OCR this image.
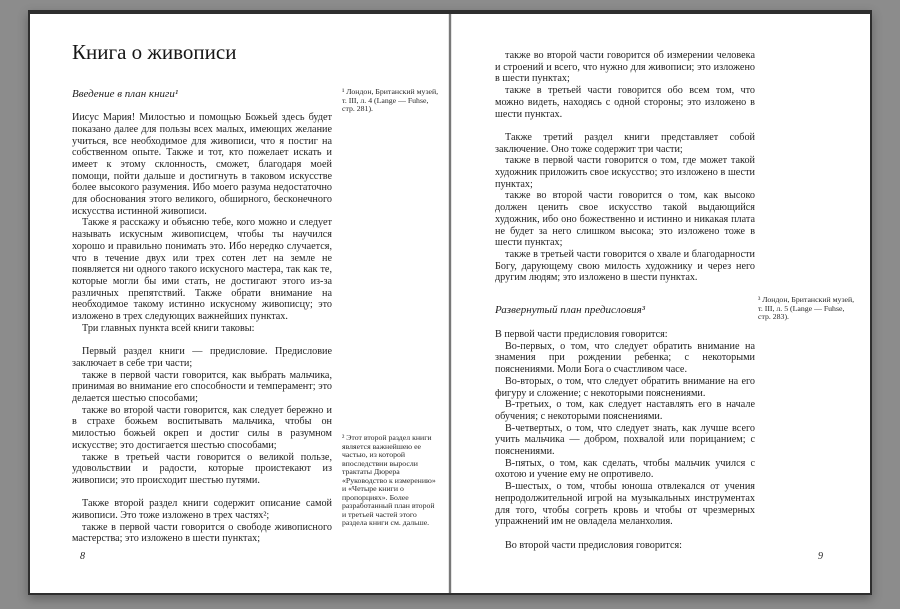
Книга о живописи
Введение в план книги¹

Иисус Мария! Милостью и помощью Божьей здесь будет показано далее для пользы всех малых, имеющих желание учиться, все необходимое для живописи, что я постиг на собственном опыте. Также и тот, кто пожелает искать и имеет к этому склонность, сможет, благодаря моей помощи, пойти дальше и достигнуть в таковом искусстве более высокого разумения. Ибо моего разума недостаточно для обоснования этого великого, обширного, бесконечного искусства истинной живописи.

Также я расскажу и объясню тебе, кого можно и следует называть искусным живописцем, чтобы ты научился хорошо и правильно понимать это. Ибо нередко случается, что в течение двух или трех сотен лет на земле не появляется ни одного такого искусного мастера, так как те, которые могли бы ими стать, не достигают этого из-за различных препятствий. Также обрати внимание на необходимое такому истинно искусному живописцу; это изложено в трех следующих важнейших пунктах.

Три главных пункта всей книги таковы:

Первый раздел книги — предисловие. Предисловие заключает в себе три части;

также в первой части говорится, как выбрать мальчика, принимая во внимание его способности и темперамент; это делается шестью способами;

также во второй части говорится, как следует бережно и в страхе божьем воспитывать мальчика, чтобы он милостью божьей окреп и достиг силы в разумном искусстве; это достигается шестью способами;

также в третьей части говорится о великой пользе, удовольствии и радости, которые проистекают из живописи; это происходит шестью путями.

Также второй раздел книги содержит описание самой живописи. Это тоже изложено в трех частях²;

также в первой части говорится о свободе живописного мастерства; это изложено в шести пунктах;

¹ Лондон, Британский музей, т. III, л. 4 (Lange — Fuhse, стр. 281).
² Этот второй раздел книги является важнейшею ее частью, из которой впоследствии выросли трактаты Дюрера «Руководство к измерению» и «Четыре книги о пропорциях». Более разработанный план второй и третьей частей этого раздела книги см. дальше.
8

также во второй части говорится об измерении человека и строений и всего, что нужно для живописи; это изложено в шести пунктах;

также в третьей части говорится обо всем том, что можно видеть, находясь с одной стороны; это изложено в шести пунктах.

Также третий раздел книги представляет собой заключение. Оно тоже содержит три части;

также в первой части говорится о том, где может такой художник приложить свое искусство; это изложено в шести пунктах;

также во второй части говорится о том, как высоко должен ценить свое искусство такой выдающийся художник, ибо оно божественно и истинно и никакая плата не будет за него слишком высока; это изложено тоже в шести пунктах;

также в третьей части говорится о хвале и благодарности Богу, дарующему свою милость художнику и через него другим людям; это изложено в шести пунктах.

Развернутый план предисловия³

В первой части предисловия говорится:

Во-первых, о том, что следует обратить внимание на знамения при рождении ребенка; с некоторыми пояснениями. Моли Бога о счастливом часе.

Во-вторых, о том, что следует обратить внимание на его фигуру и сложение; с некоторыми пояснениями.

В-третьих, о том, как следует наставлять его в начале обучения; с некоторыми пояснениями.

В-четвертых, о том, что следует знать, как лучше всего учить мальчика — добром, похвалой или порицанием; с пояснениями.

В-пятых, о том, как сделать, чтобы мальчик учился с охотою и учение ему не опротивело.

В-шестых, о том, чтобы юноша отвлекался от учения непродолжительной игрой на музыкальных инструментах для того, чтобы согреть кровь и чтобы от чрезмерных упражнений им не овладела меланхолия.

Во второй части предисловия говорится:

³ Лондон, Британский музей, т. III, л. 5 (Lange — Fuhse, стр. 283).
9
